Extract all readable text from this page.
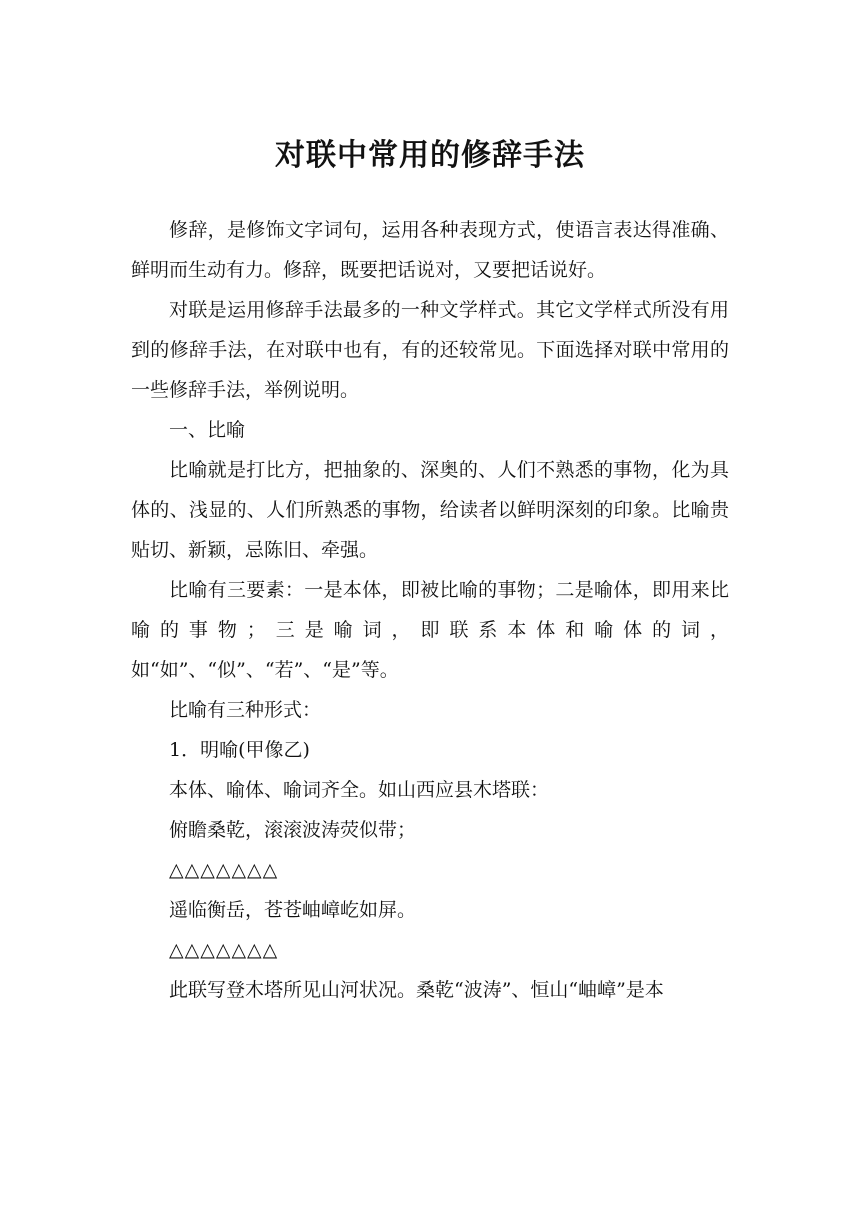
对联中常用的修辞手法

修辞，是修饰文字词句，运用各种表现方式，使语言表达得准确、鲜明而生动有力。修辞，既要把话说对，又要把话说好。

对联是运用修辞手法最多的一种文学样式。其它文学样式所没有用到的修辞手法，在对联中也有，有的还较常见。下面选择对联中常用的一些修辞手法，举例说明。

一、比喻

比喻就是打比方，把抽象的、深奥的、人们不熟悉的事物，化为具体的、浅显的、人们所熟悉的事物，给读者以鲜明深刻的印象。比喻贵贴切、新颖，忌陈旧、牵强。

比喻有三要素：一是本体，即被比喻的事物；二是喻体，即用来比喻的事物；三是喻词，即联系本体和喻体的词，如“如”、“似”、“若”、“是”等。

比喻有三种形式：

1．明喻(甲像乙)

本体、喻体、喻词齐全。如山西应县木塔联：

俯瞻桑乾，滚滚波涛荧似带；

△△△△△△△

遥临衡岳，苍苍岫嶂屹如屏。

△△△△△△△

此联写登木塔所见山河状况。桑乾“波涛”、恒山“岫嶂”是本
